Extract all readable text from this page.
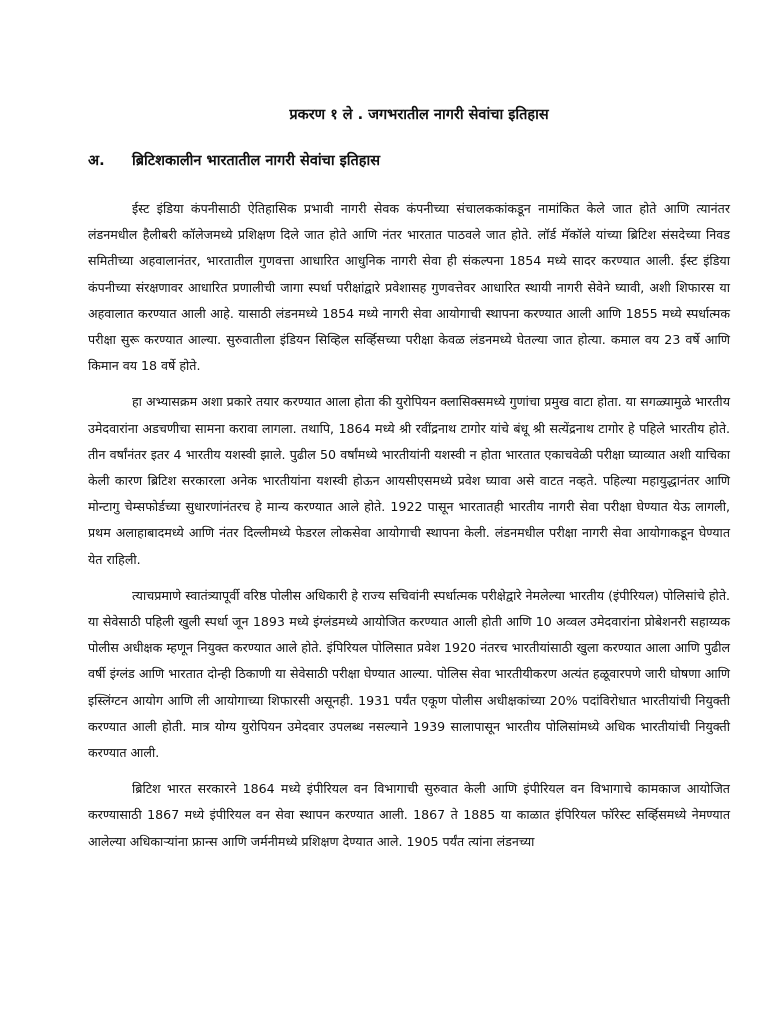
प्रकरण १ ले . जगभरातील नागरी सेवांचा इतिहास
अ.	ब्रिटिशकालीन भारतातील नागरी सेवांचा इतिहास

ईस्ट इंडिया कंपनीसाठी ऐतिहासिक प्रभावी नागरी सेवक कंपनीच्या संचालककांकडून नामांकित केले जात होते आणि त्यानंतर लंडनमधील हैलीबरी कॉलेजमध्ये प्रशिक्षण दिले जात होते आणि नंतर भारतात पाठवले जात होते. लॉर्ड मॅकॉले यांच्या ब्रिटिश संसदेच्या निवड समितीच्या अहवालानंतर, भारतातील गुणवत्ता आधारित आधुनिक नागरी सेवा ही संकल्पना 1854 मध्ये सादर करण्यात आली. ईस्ट इंडिया कंपनीच्या संरक्षणावर आधारित प्रणालीची जागा स्पर्धा परीक्षांद्वारे प्रवेशासह गुणवत्तेवर आधारित स्थायी नागरी सेवेने घ्यावी, अशी शिफारस या अहवालात करण्यात आली आहे. यासाठी लंडनमध्ये 1854 मध्ये नागरी सेवा आयोगाची स्थापना करण्यात आली आणि 1855 मध्ये स्पर्धात्मक परीक्षा सुरू करण्यात आल्या. सुरुवातीला इंडियन सिव्हिल सर्व्हिसच्या परीक्षा केवळ लंडनमध्ये घेतल्या जात होत्या. कमाल वय 23 वर्षे आणि किमान वय 18 वर्षे होते.

हा अभ्यासक्रम अशा प्रकारे तयार करण्यात आला होता की युरोपियन क्लासिक्समध्ये गुणांचा प्रमुख वाटा होता. या सगळ्यामुळे भारतीय उमेदवारांना अडचणीचा सामना करावा लागला. तथापि, 1864 मध्ये श्री रवींद्रनाथ टागोर यांचे बंधू श्री सत्येंद्रनाथ टागोर हे पहिले भारतीय होते. तीन वर्षांनंतर इतर 4 भारतीय यशस्वी झाले. पुढील 50 वर्षांमध्ये भारतीयांनी यशस्वी न होता भारतात एकाचवेळी परीक्षा घ्याव्यात अशी याचिका केली कारण ब्रिटिश सरकारला अनेक भारतीयांना यशस्वी होऊन आयसीएसमध्ये प्रवेश घ्यावा असे वाटत नव्हते. पहिल्या महायुद्धानंतर आणि मोन्टागु चेम्सफोर्डच्या सुधारणांनंतरच हे मान्य करण्यात आले होते. 1922 पासून भारतातही भारतीय नागरी सेवा परीक्षा घेण्यात येऊ लागली, प्रथम अलाहाबादमध्ये आणि नंतर दिल्लीमध्ये फेडरल लोकसेवा आयोगाची स्थापना केली. लंडनमधील परीक्षा नागरी सेवा आयोगाकडून घेण्यात येत राहिली.

त्याचप्रमाणे स्वातंत्र्यापूर्वी वरिष्ठ पोलीस अधिकारी हे राज्य सचिवांनी स्पर्धात्मक परीक्षेद्वारे नेमलेल्या भारतीय (इंपीरियल) पोलिसांचे होते. या सेवेसाठी पहिली खुली स्पर्धा जून 1893 मध्ये इंग्लंडमध्ये आयोजित करण्यात आली होती आणि 10 अव्वल उमेदवारांना प्रोबेशनरी सहाय्यक पोलीस अधीक्षक म्हणून नियुक्त करण्यात आले होते. इंपिरियल पोलिसात प्रवेश 1920 नंतरच भारतीयांसाठी खुला करण्यात आला आणि पुढील वर्षी इंग्लंड आणि भारतात दोन्ही ठिकाणी या सेवेसाठी परीक्षा घेण्यात आल्या. पोलिस सेवा भारतीयीकरण अत्यंत हळूवारपणे जारी घोषणा आणि इस्लिंग्टन आयोग आणि ली आयोगाच्या शिफारसी असूनही. 1931 पर्यंत एकूण पोलीस अधीक्षकांच्या 20% पदांविरोधात भारतीयांची नियुक्ती करण्यात आली होती. मात्र योग्य युरोपियन उमेदवार उपलब्ध नसल्याने 1939 सालापासून भारतीय पोलिसांमध्ये अधिक भारतीयांची नियुक्ती करण्यात आली.

ब्रिटिश भारत सरकारने 1864 मध्ये इंपीरियल वन विभागाची सुरुवात केली आणि इंपीरियल वन विभागाचे कामकाज आयोजित करण्यासाठी 1867 मध्ये इंपीरियल वन सेवा स्थापन करण्यात आली. 1867 ते 1885 या काळात इंपिरियल फॉरेस्ट सर्व्हिसमध्ये नेमण्यात आलेल्या अधिकाऱ्यांना फ्रान्स आणि जर्मनीमध्ये प्रशिक्षण देण्यात आले. 1905 पर्यंत त्यांना लंडनच्या
